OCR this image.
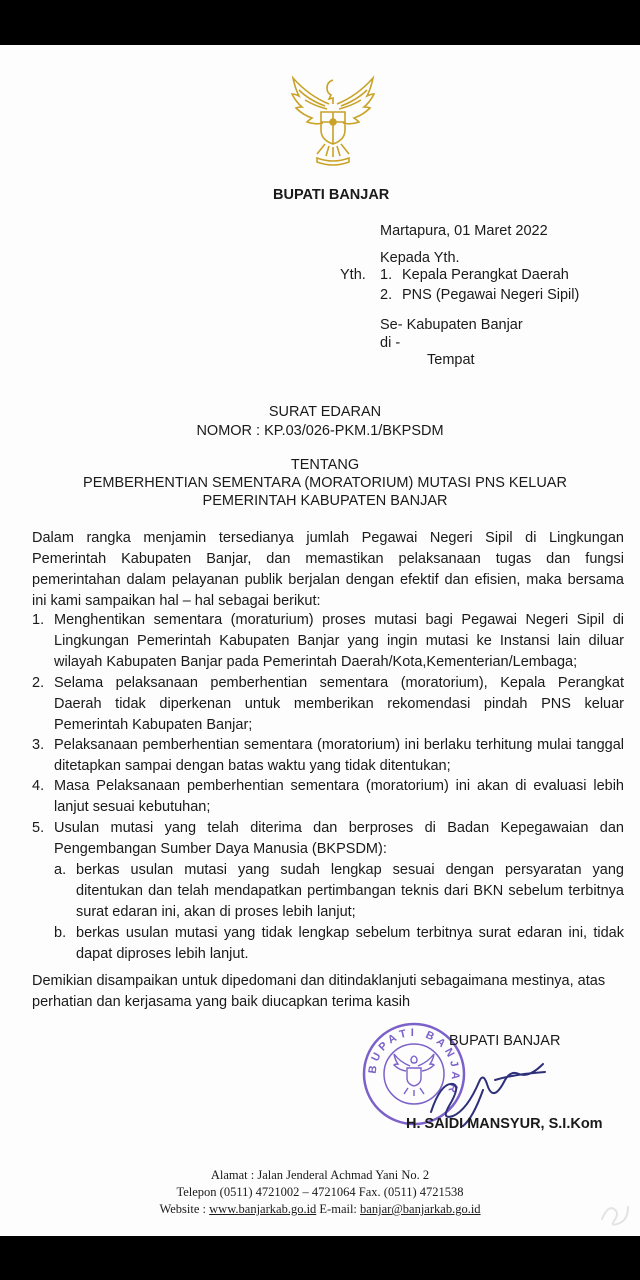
BUPATI BANJAR
Martapura, 01 Maret 2022
Kepada Yth.
Yth. 1. Kepala Perangkat Daerah
2. PNS (Pegawai Negeri Sipil)
Se- Kabupaten Banjar
di -
Tempat
SURAT EDARAN
NOMOR : KP.03/026-PKM.1/BKPSDM
TENTANG
PEMBERHENTIAN SEMENTARA (MORATORIUM) MUTASI PNS KELUAR
PEMERINTAH KABUPATEN BANJAR
Dalam rangka menjamin tersedianya jumlah Pegawai Negeri Sipil di Lingkungan Pemerintah Kabupaten Banjar, dan memastikan pelaksanaan tugas dan fungsi pemerintahan dalam pelayanan publik berjalan dengan efektif dan efisien, maka bersama ini kami sampaikan hal – hal sebagai berikut:
1. Menghentikan sementara (moraturium) proses mutasi bagi Pegawai Negeri Sipil di Lingkungan Pemerintah Kabupaten Banjar yang ingin mutasi ke Instansi lain diluar wilayah Kabupaten Banjar pada Pemerintah Daerah/Kota,Kementerian/Lembaga;
2. Selama pelaksanaan pemberhentian sementara (moratorium), Kepala Perangkat Daerah tidak diperkenan untuk memberikan rekomendasi pindah PNS keluar Pemerintah Kabupaten Banjar;
3. Pelaksanaan pemberhentian sementara (moratorium) ini berlaku terhitung mulai tanggal ditetapkan sampai dengan batas waktu yang tidak ditentukan;
4. Masa Pelaksanaan pemberhentian sementara (moratorium) ini akan di evaluasi lebih lanjut sesuai kebutuhan;
5. Usulan mutasi yang telah diterima dan berproses di Badan Kepegawaian dan Pengembangan Sumber Daya Manusia (BKPSDM):
a. berkas usulan mutasi yang sudah lengkap sesuai dengan persyaratan yang ditentukan dan telah mendapatkan pertimbangan teknis dari BKN sebelum terbitnya surat edaran ini, akan di proses lebih lanjut;
b. berkas usulan mutasi yang tidak lengkap sebelum terbitnya surat edaran ini, tidak dapat diproses lebih lanjut.
Demikian disampaikan untuk dipedomani dan ditindaklanjuti sebagaimana mestinya, atas perhatian dan kerjasama yang baik diucapkan terima kasih
BUPATI BANJAR
BUPATI BANJAR
H. SAIDI MANSYUR, S.I.Kom
Alamat : Jalan Jenderal Achmad Yani No. 2
Telepon (0511) 4721002 – 4721064 Fax. (0511) 4721538
Website : www.banjarkab.go.id E-mail: banjar@banjarkab.go.id
